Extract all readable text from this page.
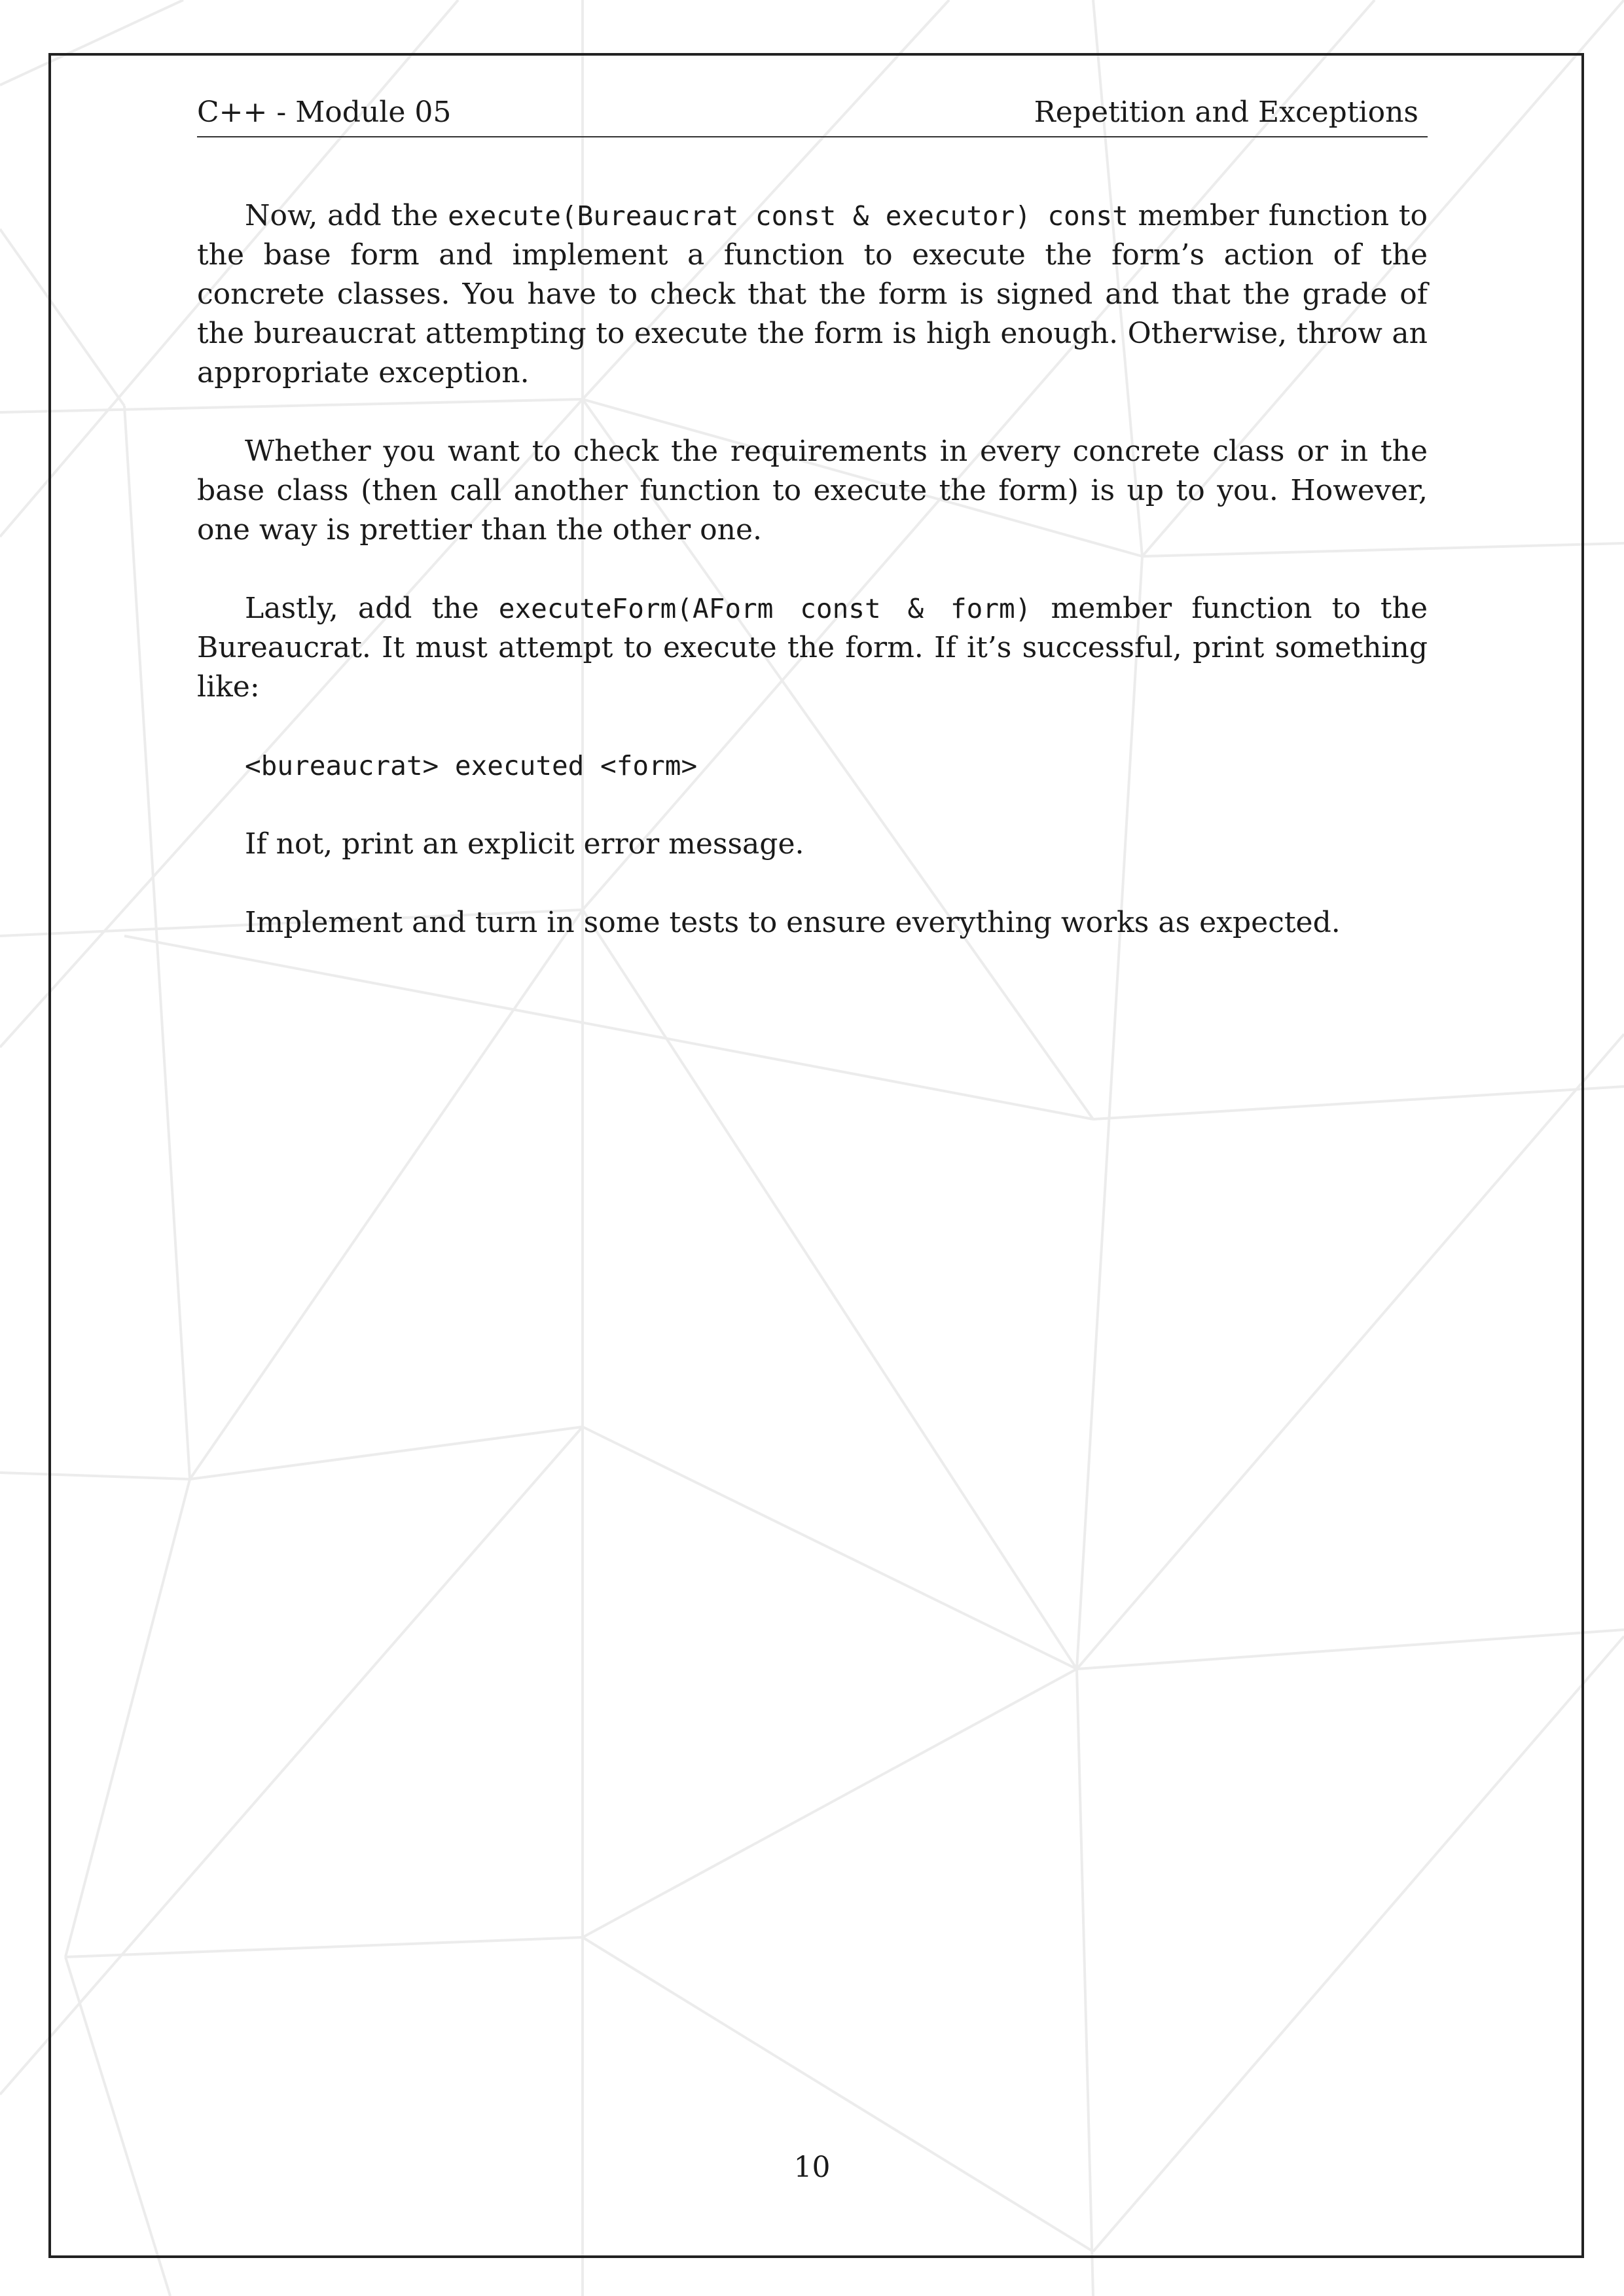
C++ - Module 05	Repetition and Exceptions

Now, add the execute(Bureaucrat const & executor) const member function to the base form and implement a function to execute the form’s action of the concrete classes. You have to check that the form is signed and that the grade of the bureaucrat attempting to execute the form is high enough. Otherwise, throw an appropriate exception.

Whether you want to check the requirements in every concrete class or in the base class (then call another function to execute the form) is up to you. However, one way is prettier than the other one.

Lastly, add the executeForm(AForm const & form) member function to the Bureaucrat. It must attempt to execute the form. If it’s successful, print something like:

<bureaucrat> executed <form>

If not, print an explicit error message.

Implement and turn in some tests to ensure everything works as expected.

10
